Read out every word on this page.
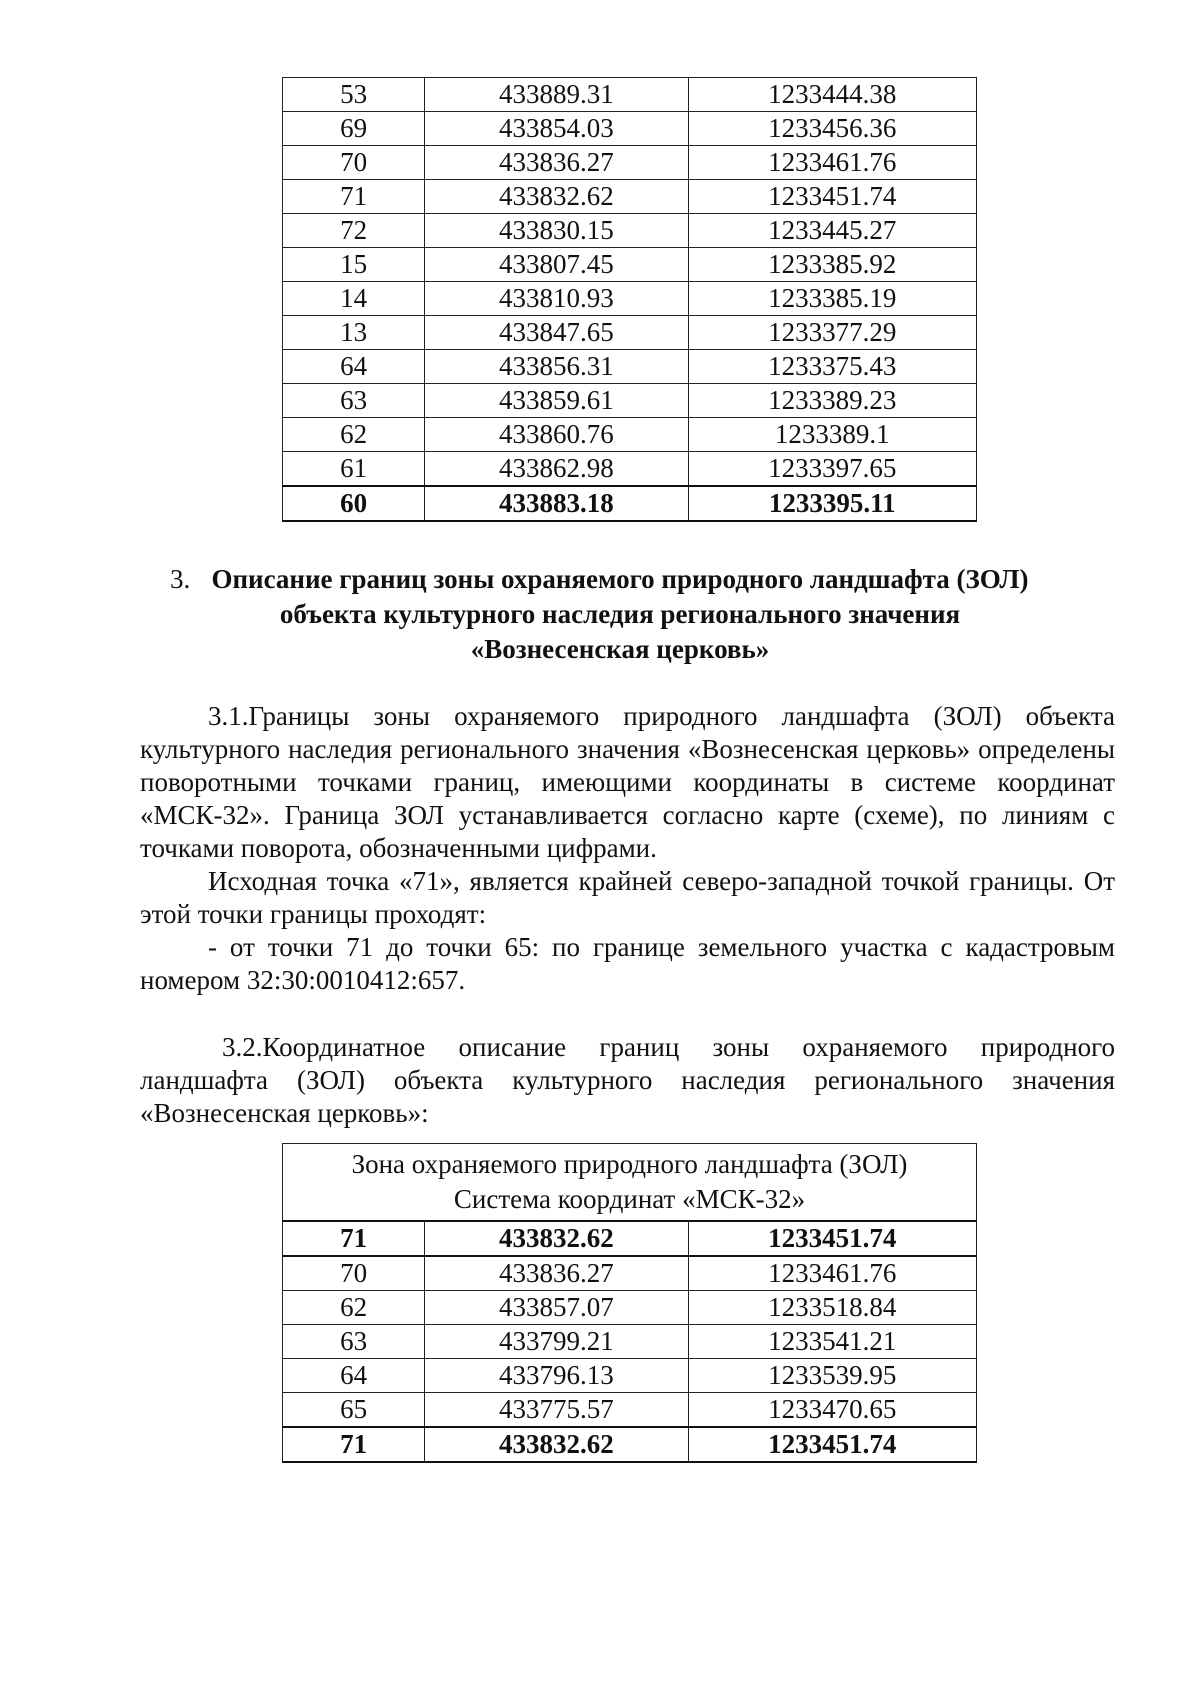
53	433889.31	1233444.38
69	433854.03	1233456.36
70	433836.27	1233461.76
71	433832.62	1233451.74
72	433830.15	1233445.27
15	433807.45	1233385.92
14	433810.93	1233385.19
13	433847.65	1233377.29
64	433856.31	1233375.43
63	433859.61	1233389.23
62	433860.76	1233389.1
61	433862.98	1233397.65
60	433883.18	1233395.11
3. Описание границ зоны охраняемого природного ландшафта (ЗОЛ)
объекта культурного наследия регионального значения
«Вознесенская церковь»
3.1.Границы зоны охраняемого природного ландшафта (ЗОЛ) объекта культурного наследия регионального значения «Вознесенская церковь» определены поворотными точками границ, имеющими координаты в системе координат «МСК-32». Граница ЗОЛ устанавливается согласно карте (схеме), по линиям с точками поворота, обозначенными цифрами.
Исходная точка «71», является крайней северо-западной точкой границы. От этой точки границы проходят:
- от точки 71 до точки 65: по границе земельного участка с кадастровым номером 32:30:0010412:657.
3.2.Координатное описание границ зоны охраняемого природного ландшафта (ЗОЛ) объекта культурного наследия регионального значения «Вознесенская церковь»:
Зона охраняемого природного ландшафта (ЗОЛ)
Система координат «МСК-32»		

71	433832.62	1233451.74
70	433836.27	1233461.76
62	433857.07	1233518.84
63	433799.21	1233541.21
64	433796.13	1233539.95
65	433775.57	1233470.65
71	433832.62	1233451.74
